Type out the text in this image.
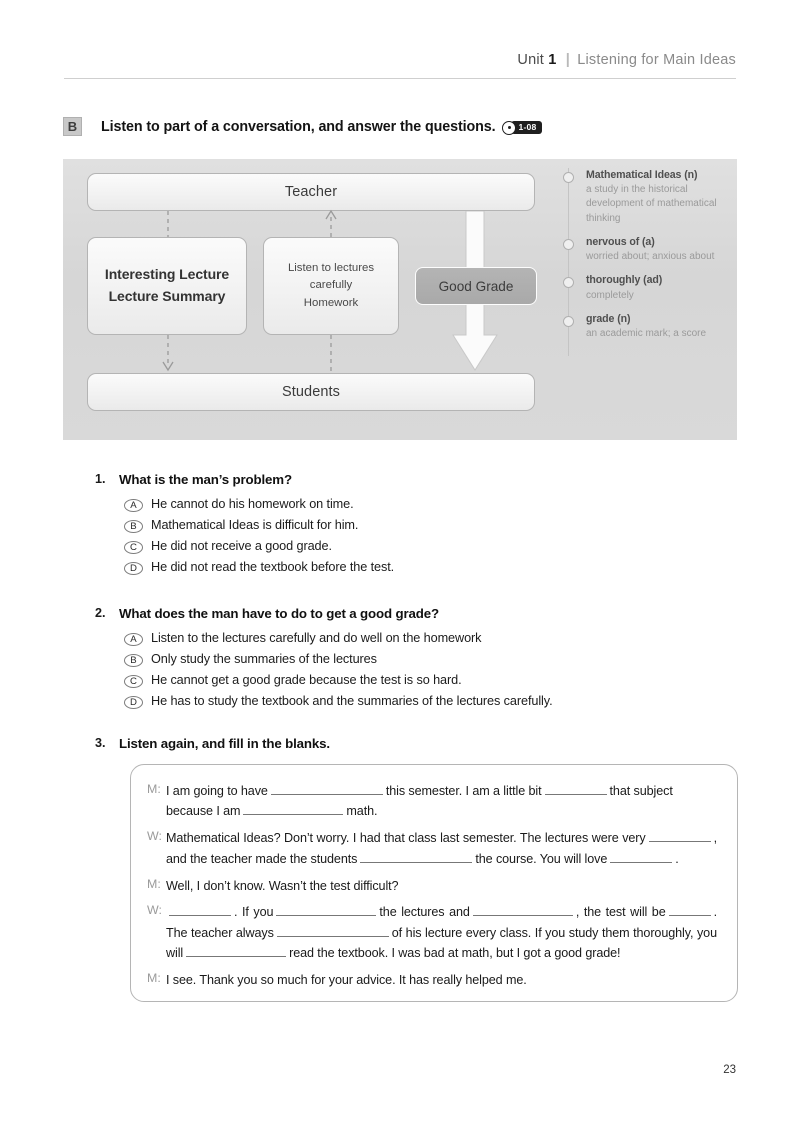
Unit 1 | Listening for Main Ideas
B	Listen to part of a conversation, and answer the questions.	1-08
Teacher
Interesting Lecture
Lecture Summary
Listen to lectures
carefully
Homework
Good Grade
Students
Mathematical Ideas (n)
a study in the historical development of mathematical thinking
nervous of (a)
worried about; anxious about
thoroughly (ad)
completely
grade (n)
an academic mark; a score
1.	What is the man’s problem?
A	He cannot do his homework on time.
B	Mathematical Ideas is difficult for him.
C	He did not receive a good grade.
D	He did not read the textbook before the test.
2.	What does the man have to do to get a good grade?
A	Listen to the lectures carefully and do well on the homework
B	Only study the summaries of the lectures
C	He cannot get a good grade because the test is so hard.
D	He has to study the textbook and the summaries of the lectures carefully.
3.	Listen again, and fill in the blanks.
M: I am going to have	this semester. I am a little bit	that subject because I am	math.
W: Mathematical Ideas? Don’t worry. I had that class last semester. The lectures were very	, and the teacher made the students	the course. You will love	.
M: Well, I don’t know. Wasn’t the test difficult?
W:	. If you	the lectures and	, the test will be	. The teacher always	of his lecture every class. If you study them thoroughly, you will	read the textbook. I was bad at math, but I got a good grade!
M: I see. Thank you so much for your advice. It has really helped me.
23
